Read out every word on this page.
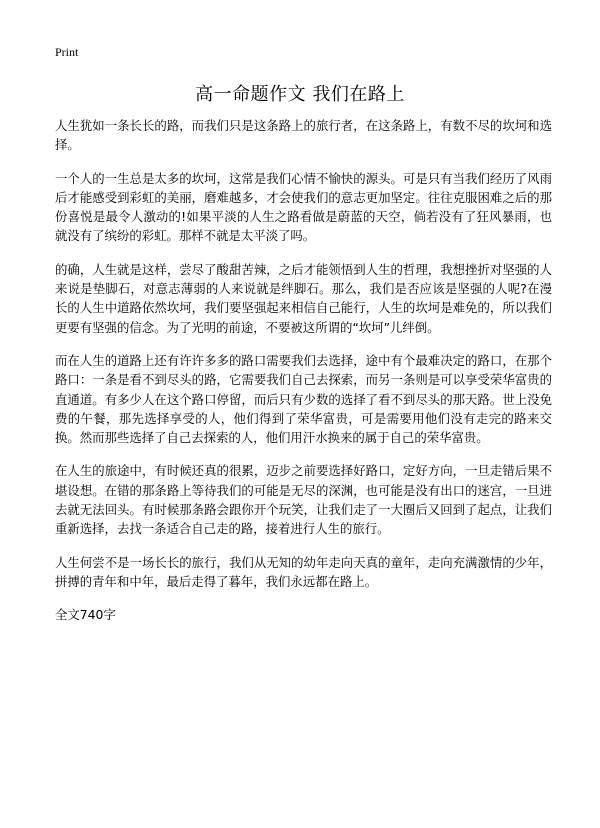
Print
高一命题作文 我们在路上

人生犹如一条长长的路，而我们只是这条路上的旅行者，在这条路上，有数不尽的坎坷和选择。

一个人的一生总是太多的坎坷，这常是我们心情不愉快的源头。可是只有当我们经历了风雨后才能感受到彩虹的美丽，磨难越多，才会使我们的意志更加坚定。往往克服困难之后的那份喜悦是最令人激动的!如果平淡的人生之路看做是蔚蓝的天空，倘若没有了狂风暴雨，也就没有了缤纷的彩虹。那样不就是太平淡了吗。

的确，人生就是这样，尝尽了酸甜苦辣，之后才能领悟到人生的哲理，我想挫折对坚强的人来说是垫脚石，对意志薄弱的人来说就是绊脚石。那么，我们是否应该是坚强的人呢?在漫长的人生中道路依然坎坷，我们要坚强起来相信自己能行，人生的坎坷是难免的，所以我们更要有坚强的信念。为了光明的前途，不要被这所谓的“坎坷”儿绊倒。

而在人生的道路上还有许许多多的路口需要我们去选择，途中有个最难决定的路口，在那个路口：一条是看不到尽头的路，它需要我们自己去探索，而另一条则是可以享受荣华富贵的直通道。有多少人在这个路口停留，而后只有少数的选择了看不到尽头的那天路。世上没免费的午餐，那先选择享受的人，他们得到了荣华富贵，可是需要用他们没有走完的路来交换。然而那些选择了自己去探索的人，他们用汗水换来的属于自己的荣华富贵。

在人生的旅途中，有时候还真的很累，迈步之前要选择好路口，定好方向，一旦走错后果不堪设想。在错的那条路上等待我们的可能是无尽的深渊，也可能是没有出口的迷宫，一旦进去就无法回头。有时候那条路会跟你开个玩笑，让我们走了一大圈后又回到了起点，让我们重新选择，去找一条适合自己走的路，接着进行人生的旅行。

人生何尝不是一场长长的旅行，我们从无知的幼年走向天真的童年，走向充满激情的少年，拼搏的青年和中年，最后走得了暮年，我们永远都在路上。

全文740字
